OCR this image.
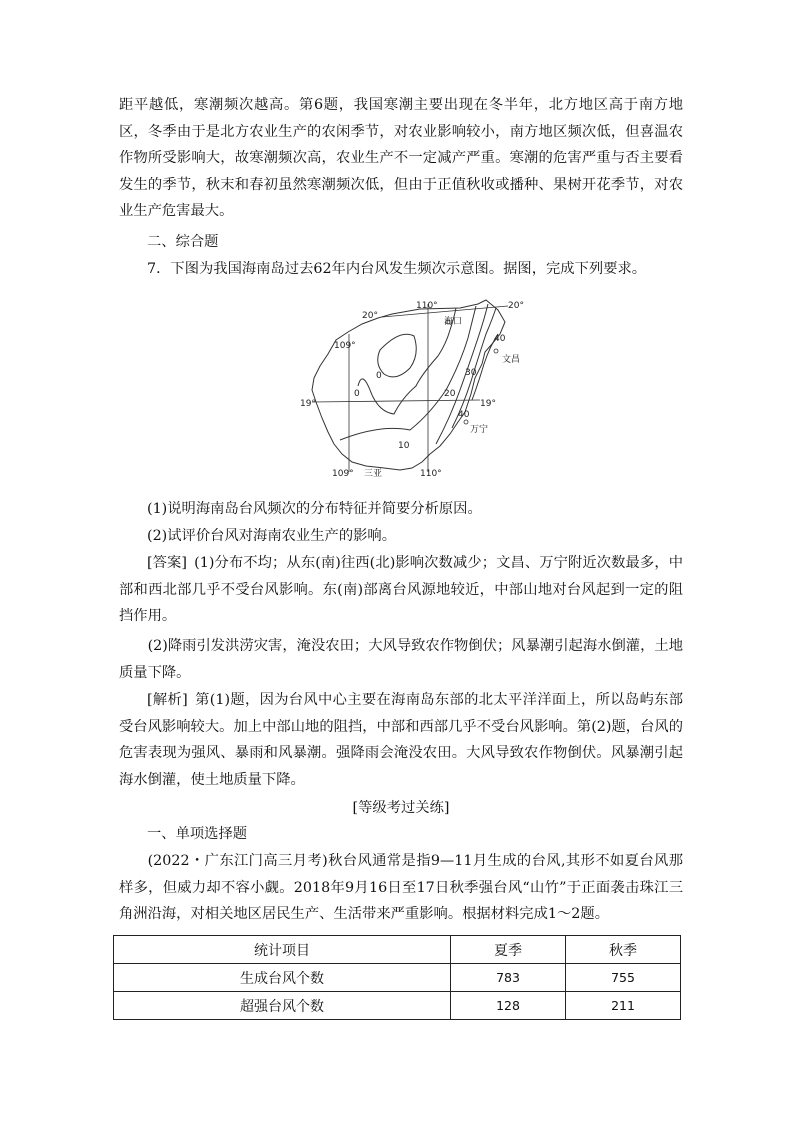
距平越低，寒潮频次越高。第6题，我国寒潮主要出现在冬半年，北方地区高于南方地区，冬季由于是北方农业生产的农闲季节，对农业影响较小，南方地区频次低，但喜温农作物所受影响大，故寒潮频次高，农业生产不一定减产严重。寒潮的危害严重与否主要看发生的季节，秋末和春初虽然寒潮频次低，但由于正值秋收或播种、果树开花季节，对农业生产危害最大。

二、综合题

7．下图为我国海南岛过去62年内台风发生频次示意图。据图，完成下列要求。

110°
20°
20°
109°
19°	19°
109°	110°
海口
文昌
万宁
三亚
0
0
10
20
30
40
40

(1)说明海南岛台风频次的分布特征并简要分析原因。

(2)试评价台风对海南农业生产的影响。

[答案]  (1)分布不均；从东(南)往西(北)影响次数减少；文昌、万宁附近次数最多，中部和西北部几乎不受台风影响。东(南)部离台风源地较近，中部山地对台风起到一定的阻挡作用。

(2)降雨引发洪涝灾害，淹没农田；大风导致农作物倒伏；风暴潮引起海水倒灌，土地质量下降。

[解析]  第(1)题，因为台风中心主要在海南岛东部的北太平洋洋面上，所以岛屿东部受台风影响较大。加上中部山地的阻挡，中部和西部几乎不受台风影响。第(2)题，台风的危害表现为强风、暴雨和风暴潮。强降雨会淹没农田。大风导致农作物倒伏。风暴潮引起海水倒灌，使土地质量下降。

[等级考过关练]

一、单项选择题

(2022・广东江门高三月考)秋台风通常是指9—11月生成的台风,其形不如夏台风那样多，但威力却不容小觑。2018年9月16日至17日秋季强台风“山竹”于正面袭击珠江三角洲沿海，对相关地区居民生产、生活带来严重影响。根据材料完成1～2题。

统计项目	夏季	秋季
生成台风个数	783	755
超强台风个数	128	211
